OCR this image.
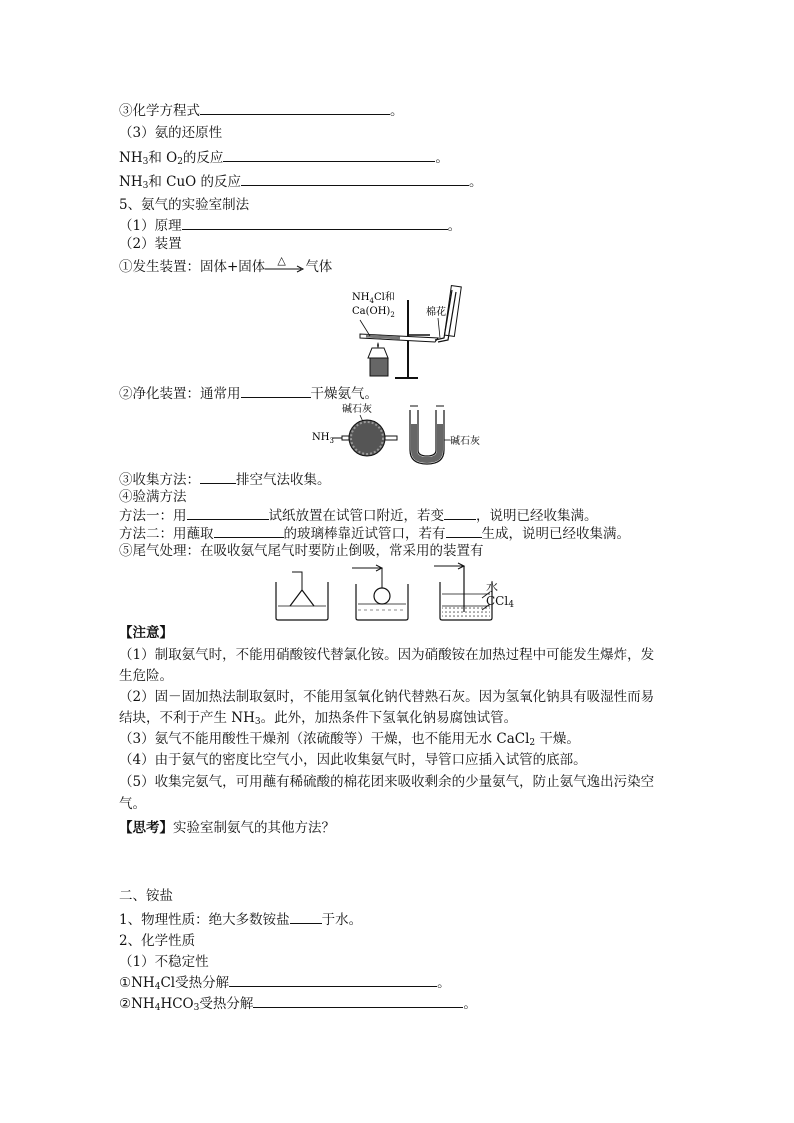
③化学方程式	。
（3）氨的还原性
$NH_3$和 $O_2$的反应	。
$NH_3$和 CuO 的反应	。
5、氨气的实验室制法
（1）原理	。
（2）装置
①发生装置：固体+固体 △ 气体
$NH_4Cl$和
$Ca(OH)_2$	棉花
②净化装置：通常用	干燥氨气。
$NH_3$
碱石灰
碱石灰
③收集方法：	排空气法收集。
④验满方法
方法一：用	试纸放置在试管口附近，若变 ，说明已经收集满。
方法二：用蘸取	的玻璃棒靠近试管口，若有	生成，说明已经收集满。
⑤尾气处理：在吸收氨气尾气时要防止倒吸，常采用的装置有
水
CCl$_4$
【注意】
（1）制取氨气时，不能用硝酸铵代替氯化铵。因为硝酸铵在加热过程中可能发生爆炸，发
生危险。
（2）固－固加热法制取氨时，不能用氢氧化钠代替熟石灰。因为氢氧化钠具有吸湿性而易
结块，不利于产生 $NH_3$。此外，加热条件下氢氧化钠易腐蚀试管。
（3）氨气不能用酸性干燥剂（浓硫酸等）干燥，也不能用无水 CaCl$_2$ 干燥。
（4）由于氨气的密度比空气小，因此收集氨气时，导管口应插入试管的底部。
（5）收集完氨气，可用蘸有稀硫酸的棉花团来吸收剩余的少量氨气，防止氨气逸出污染空
气。
【思考】实验室制氨气的其他方法？
二、铵盐
1、物理性质：绝大多数铵盐 于水。
2、化学性质
（1）不稳定性
$①NH_4Cl$受热分解	。
$②NH_4HCO_3$受热分解	。
